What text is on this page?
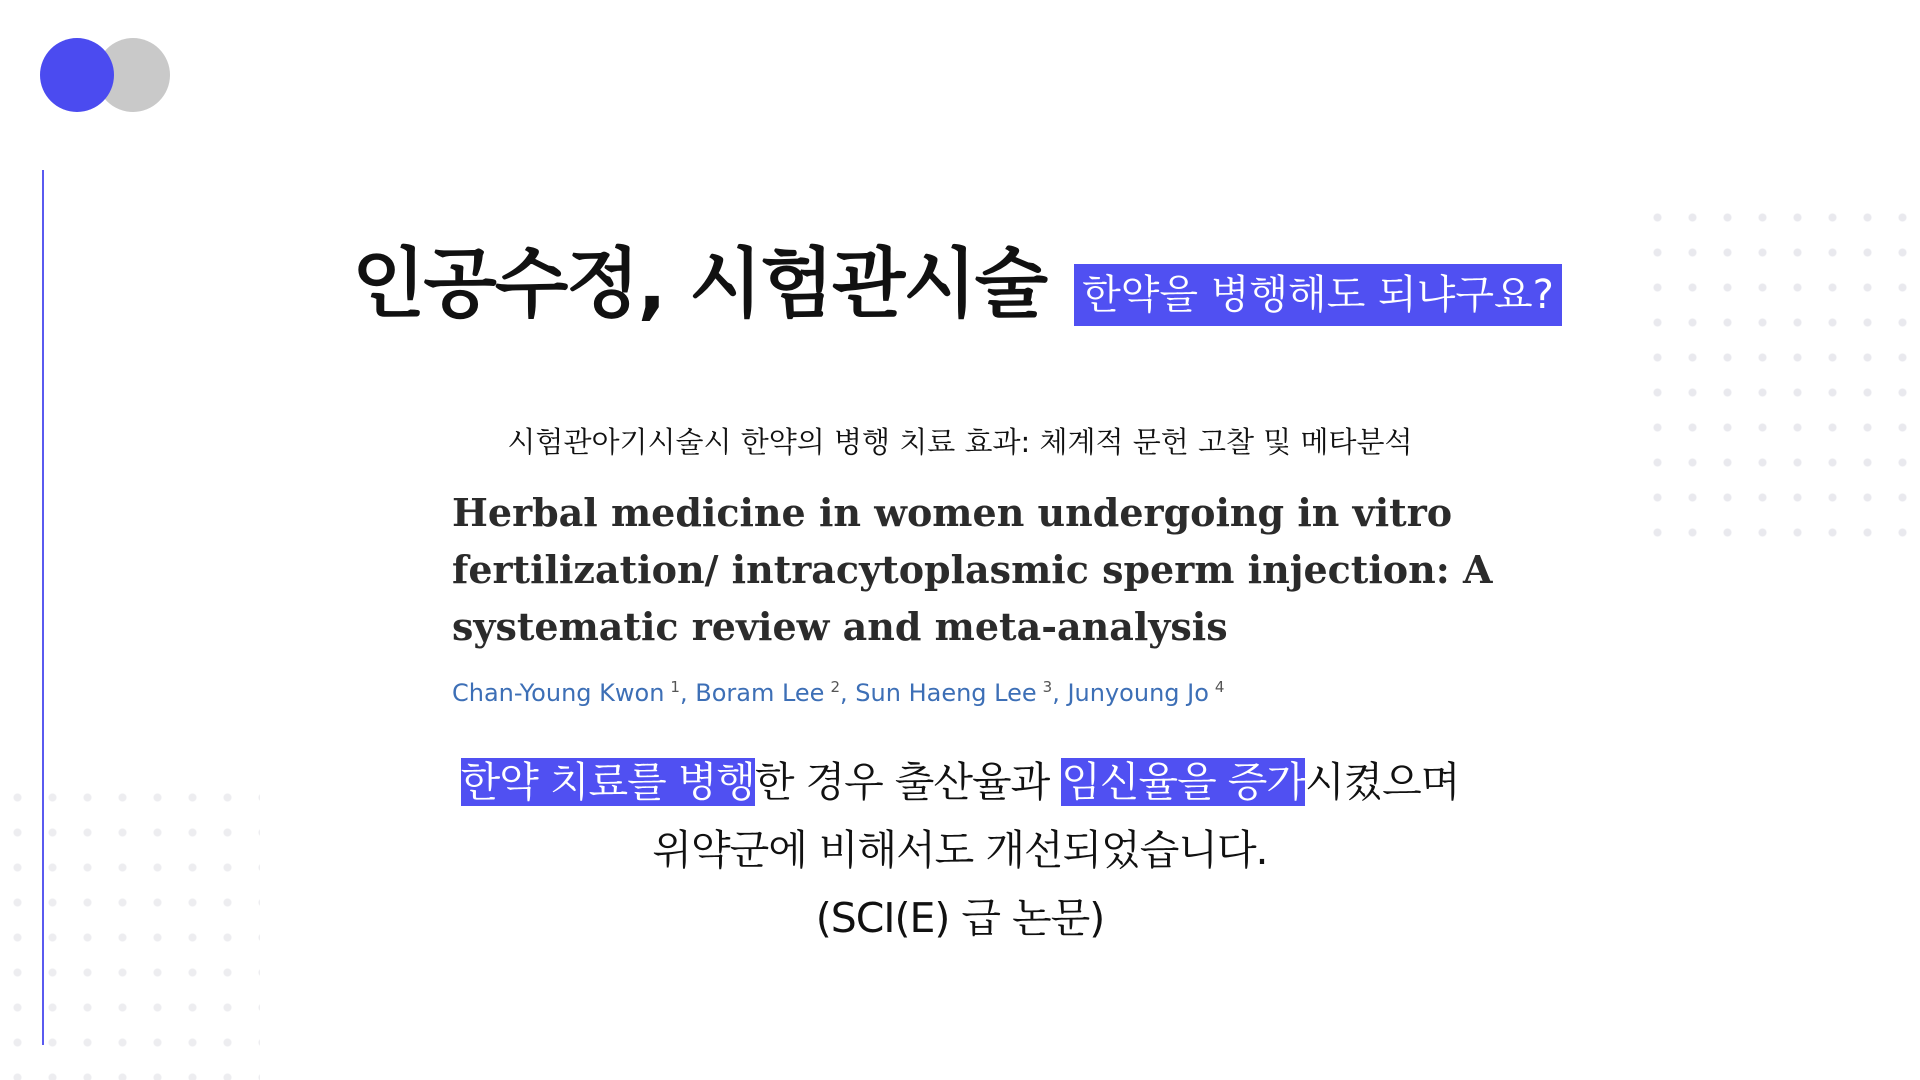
인공수정, 시험관시술 한약을 병행해도 되냐구요?
시험관아기시술시 한약의 병행 치료 효과: 체계적 문헌 고찰 및 메타분석
Herbal medicine in women undergoing in vitro
fertilization/ intracytoplasmic sperm injection: A
systematic review and meta-analysis
Chan-Young Kwon $^1$, Boram Lee $^2$, Sun Haeng Lee $^3$, Junyoung Jo $^4$
한약 치료를 병행한 경우 출산율과 임신율을 증가시켰으며
위약군에 비해서도 개선되었습니다.
(SCI(E) 급 논문)
